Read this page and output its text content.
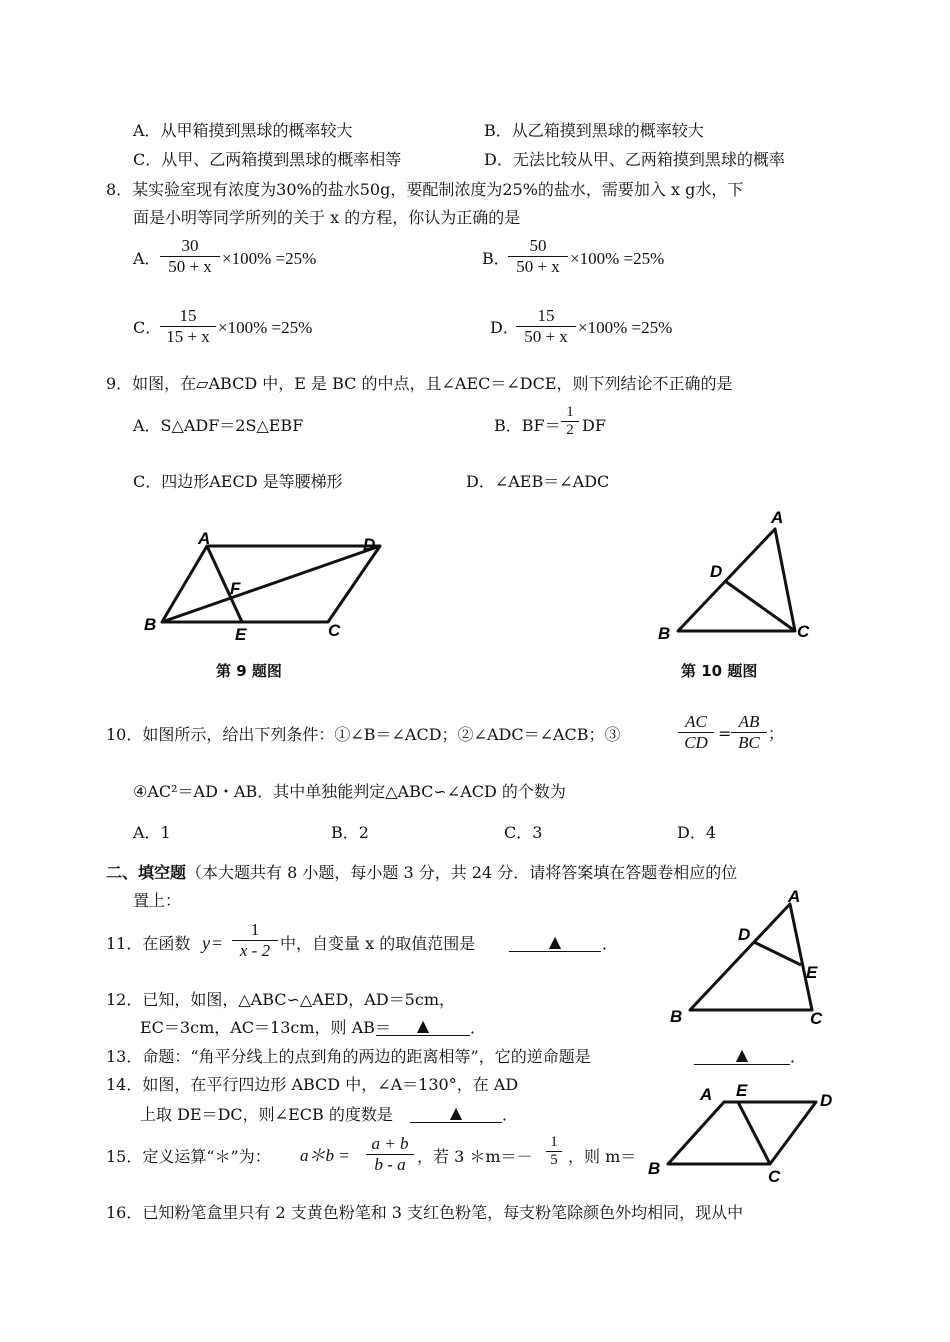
A．从甲箱摸到黑球的概率较大	B．从乙箱摸到黑球的概率较大
C．从甲、乙两箱摸到黑球的概率相等	D．无法比较从甲、乙两箱摸到黑球的概率
8．某实验室现有浓度为30%的盐水50g，要配制浓度为25%的盐水，需要加入 x g水，下
面是小明等同学所列的关于 x 的方程，你认为正确的是
A． $\frac{30}{50 + x} \times 100\% =25\%$	B．
$\frac{50}{50 + x} \times 100\% =25\%$
C．
$\frac{15}{15 + x} \times 100\% =25\%$	D．
$\frac{15}{50 + x} \times 100\% =25\%$
9．如图，在▱ABCD 中，E 是 BC 的中点，且∠AEC＝∠DCE，则下列结论不正确的是
A．S△ADF＝2S△EBF	B．$BF= \frac{1}{2}$ DF
C．四边形AECD 是等腰梯形	D．∠AEB＝∠ADC
A	D
B
E	C
F
第 9 题图
A
D
B	C
第 10 题图
10．如图所示，给出下列条件：①∠B＝∠ACD；②∠ADC＝∠ACB；③	$\frac{AC}{CD} = \frac{AB}{BC}$ ；
④AC²＝AD・AB．其中单独能判定△ABC∽∠ACD 的个数为
A．1	B．2	C．3	D．4
二、填空题（本大题共有 8 小题，每小题 3 分，共 24 分．请将答案填在答题卷相应的位
置上：
11．在函数 $y = \frac{1}{x - 2}$ 中，自变量 x 的取值范围是	▲	．
12．已知，如图，△ABC∽△AED，AD＝5cm，
EC＝3cm，AC＝13cm，则 AB＝	▲	．
A
D
E
B	C
13．命题：“角平分线上的点到角的两边的距离相等”，它的逆命题是	▲	．
14．如图，在平行四边形 ABCD 中，∠A＝130°，在 AD
上取 DE＝DC，则∠ECB 的度数是	▲	．
A E
D
B	C
15．定义运算“＊”为： a＊b = $\frac{a + b}{b - a}$ ，若 3 ＊m＝－ $\frac{1}{5}$ ，则 m＝
16．已知粉笔盒里只有 2 支黄色粉笔和 3 支红色粉笔，每支粉笔除颜色外均相同，现从中
